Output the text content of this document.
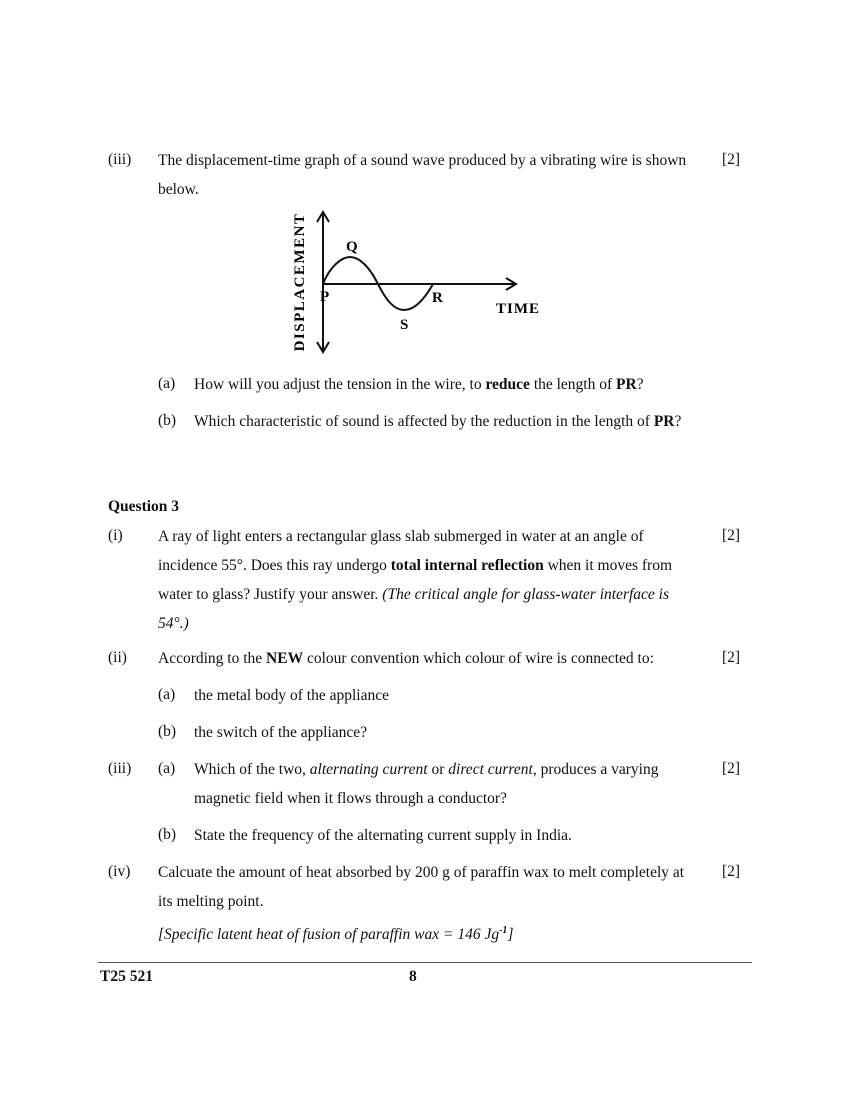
(iii) The displacement-time graph of a sound wave produced by a vibrating wire is shown below.
[2]
DISPLACEMENT	Q
P	R
S
TIME
(a) How will you adjust the tension in the wire, to reduce the length of PR?
(b) Which characteristic of sound is affected by the reduction in the length of PR?
Question 3
(i) A ray of light enters a rectangular glass slab submerged in water at an angle of incidence 55°. Does this ray undergo total internal reflection when it moves from water to glass? Justify your answer. (The critical angle for glass-water interface is 54°.)
[2]
(ii) According to the NEW colour convention which colour of wire is connected to:	[2]
(a) the metal body of the appliance
(b) the switch of the appliance?
(iii) (a) Which of the two, alternating current or direct current, produces a varying magnetic field when it flows through a conductor?
[2]
(b) State the frequency of the alternating current supply in India.
(iv) Calcuate the amount of heat absorbed by 200 g of paraffin wax to melt completely at its melting point.
[2]
[Specific latent heat of fusion of paraffin wax = 146 $Jg^{-1}$]
T25 521	8
